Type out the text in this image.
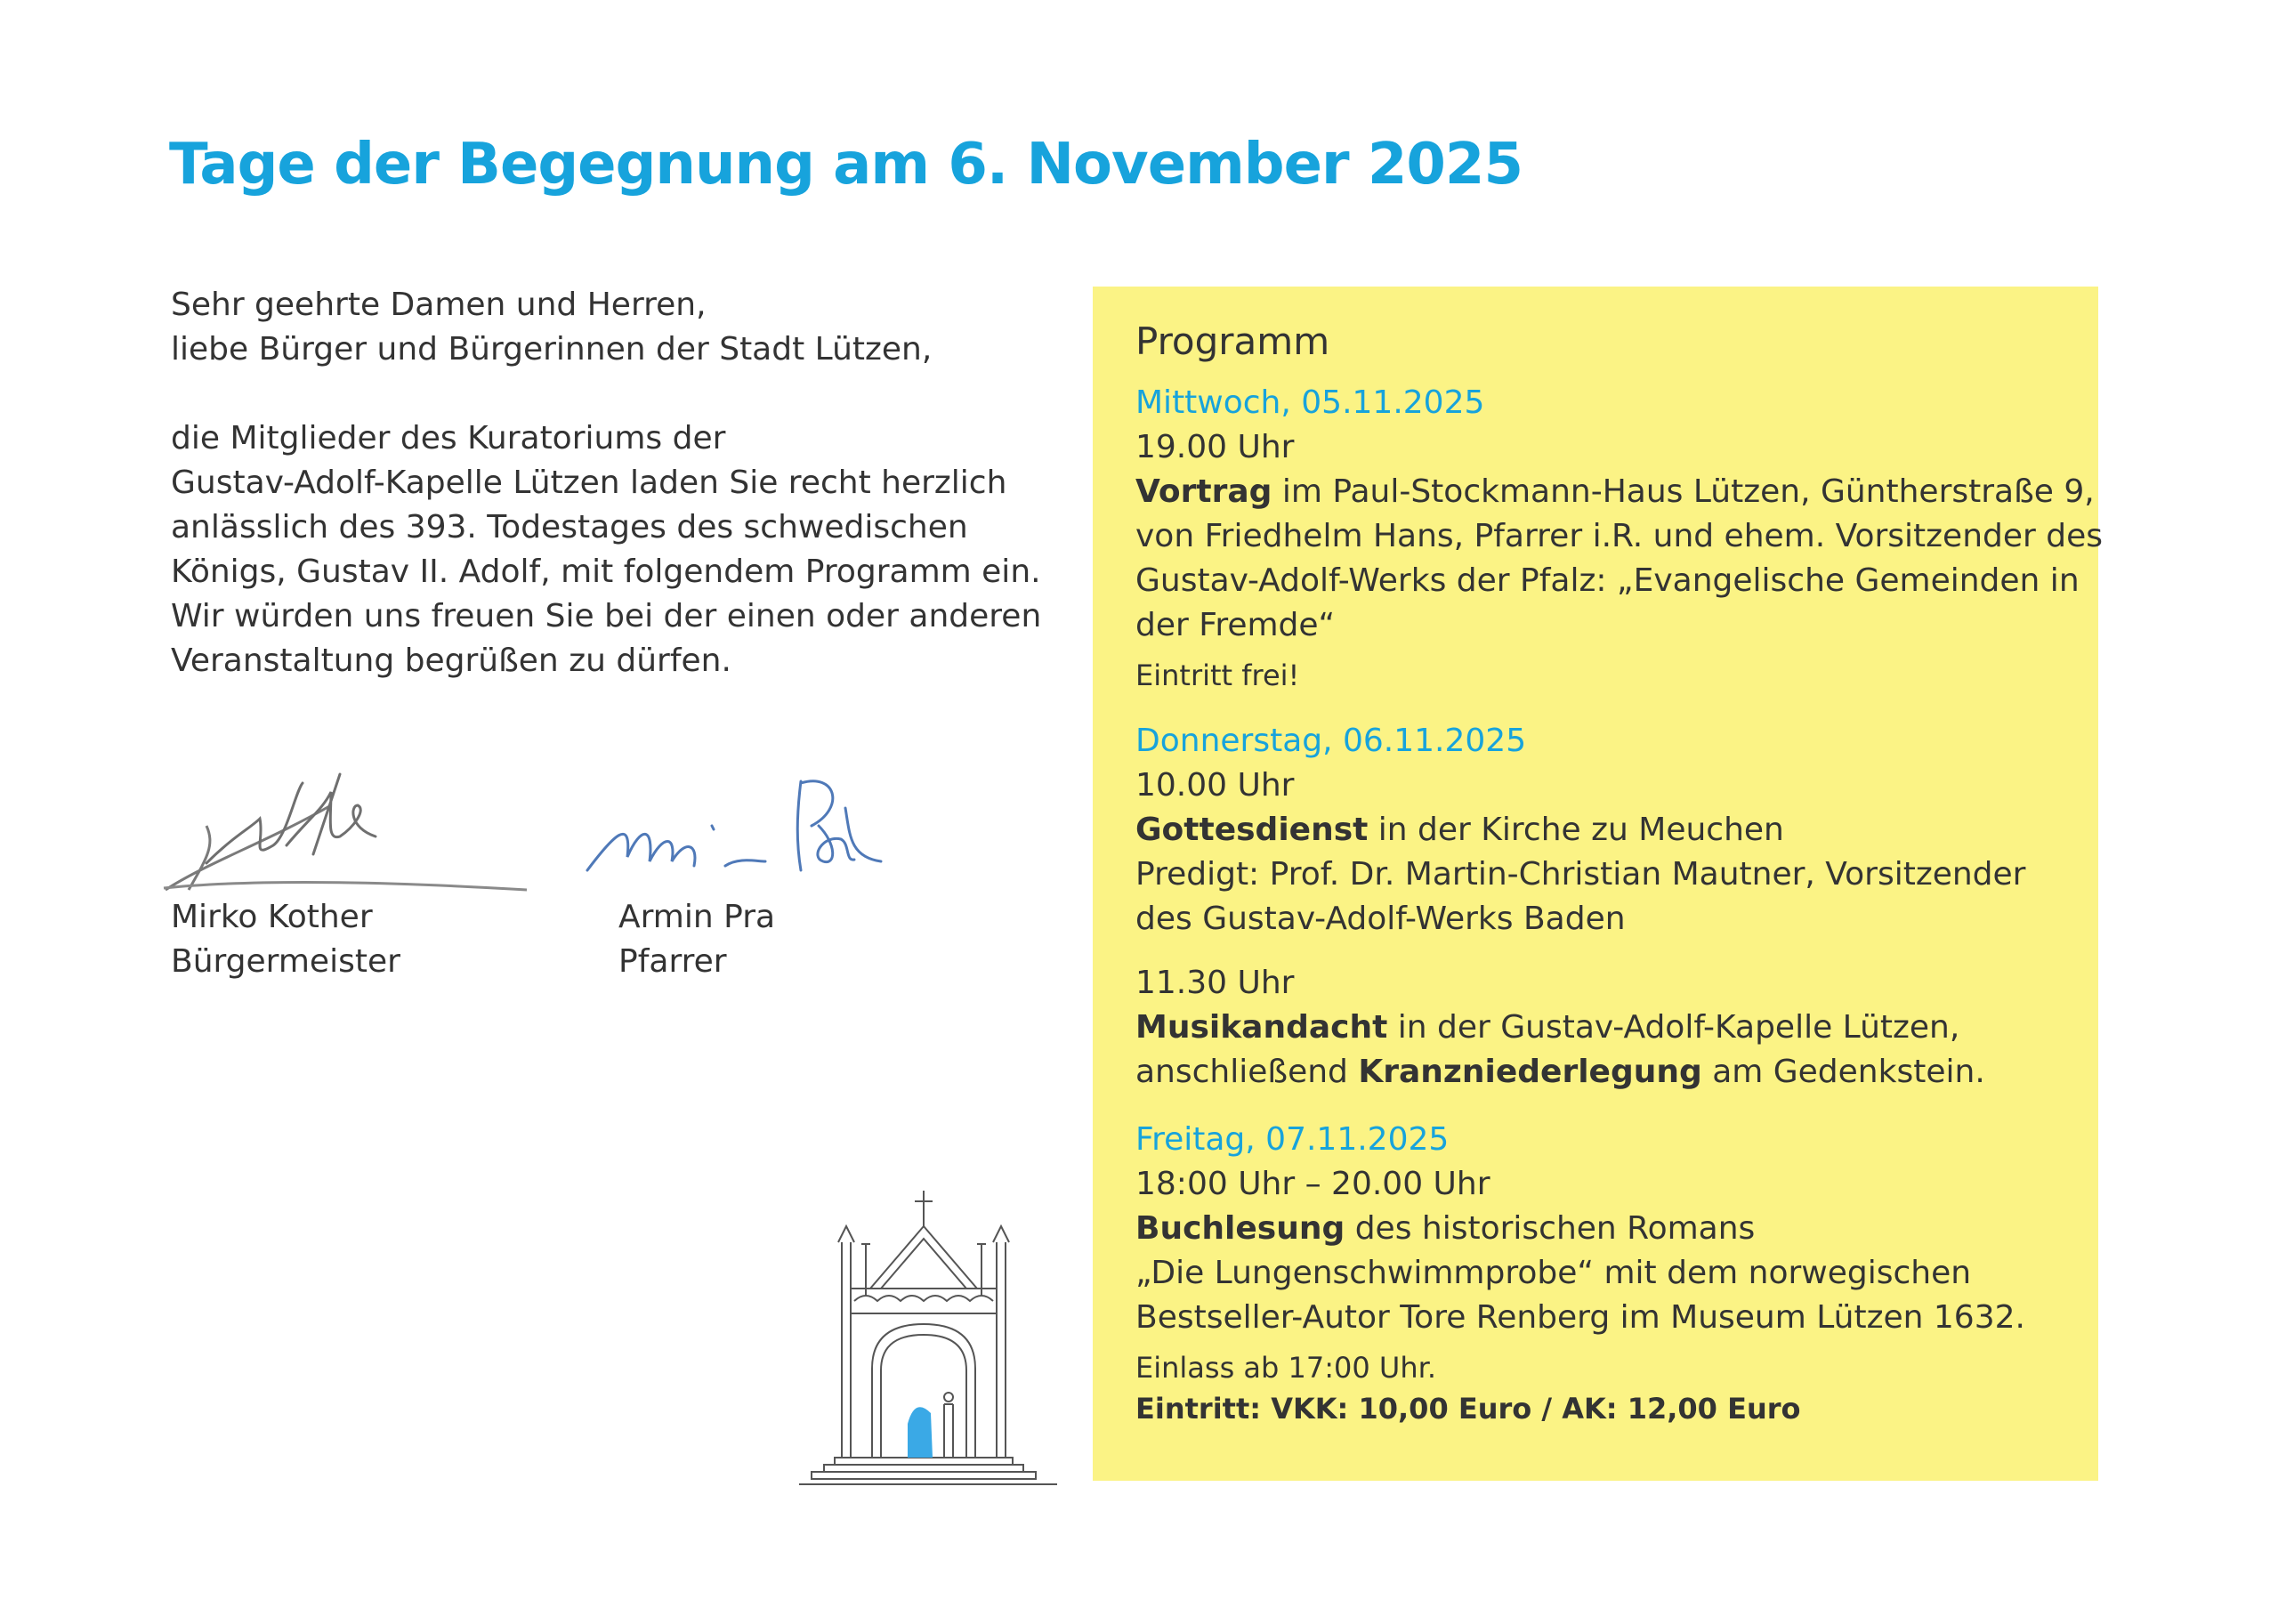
Tage der Begegnung am 6. November 2025

Sehr geehrte Damen und Herren,

liebe Bürger und Bürgerinnen der Stadt Lützen,

die Mitglieder des Kuratoriums der

Gustav-Adolf-Kapelle Lützen laden Sie recht herzlich

anlässlich des 393. Todestages des schwedischen

Königs, Gustav II. Adolf, mit folgendem Programm ein.

Wir würden uns freuen Sie bei der einen oder anderen

Veranstaltung begrüßen zu dürfen.

Mirko Kother
Bürgermeister
Armin Pra
Pfarrer
Programm
Mittwoch, 05.11.2025
19.00 Uhr
Vortrag im Paul-Stockmann-Haus Lützen, Güntherstraße 9,
von Friedhelm Hans, Pfarrer i.R. und ehem. Vorsitzender des
Gustav-Adolf-Werks der Pfalz: „Evangelische Gemeinden in
der Fremde“
Eintritt frei!
Donnerstag, 06.11.2025
10.00 Uhr
Gottesdienst in der Kirche zu Meuchen
Predigt: Prof. Dr. Martin-Christian Mautner, Vorsitzender
des Gustav-Adolf-Werks Baden
11.30 Uhr
Musikandacht in der Gustav-Adolf-Kapelle Lützen,
anschließend Kranzniederlegung am Gedenkstein.
Freitag, 07.11.2025
18:00 Uhr – 20.00 Uhr
Buchlesung des historischen Romans
„Die Lungenschwimmprobe“ mit dem norwegischen
Bestseller-Autor Tore Renberg im Museum Lützen 1632.
Einlass ab 17:00 Uhr.
Eintritt: VKK: 10,00 Euro / AK: 12,00 Euro
